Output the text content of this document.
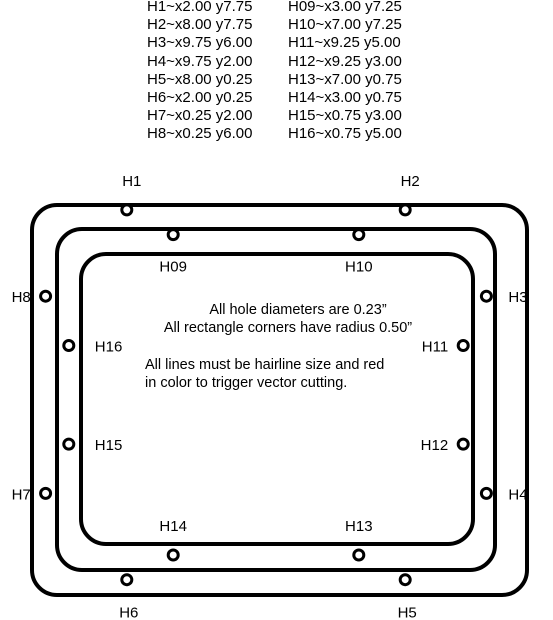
H1~x2.00 y7.75
H2~x8.00 y7.75
H3~x9.75 y6.00
H4~x9.75 y2.00
H5~x8.00 y0.25
H6~x2.00 y0.25
H7~x0.25 y2.00
H8~x0.25 y6.00
H09~x3.00 y7.25
H10~x7.00 y7.25
H11~x9.25 y5.00
H12~x9.25 y3.00
H13~x7.00 y0.75
H14~x3.00 y0.75
H15~x0.75 y3.00
H16~x0.75 y5.00
H1	H2
H3
H4
H5
H6
H7
H8
H09	H10
H11
H12
H13
H14
H15
H16
All hole diameters are 0.23”
All rectangle corners have radius 0.50”
All lines must be hairline size and red
in color to trigger vector cutting.
